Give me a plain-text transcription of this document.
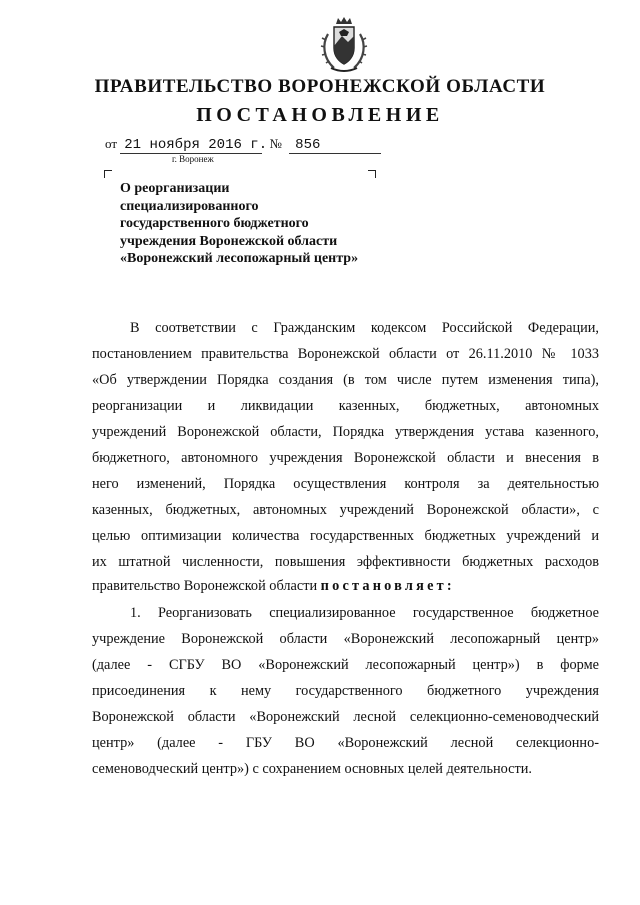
ПРАВИТЕЛЬСТВО ВОРОНЕЖСКОЙ ОБЛАСТИ
ПОСТАНОВЛЕНИЕ
от 21 ноября 2016 г. № 856
г. Воронеж
О реорганизации
специализированного
государственного бюджетного
учреждения Воронежской области
«Воронежский лесопожарный центр»
В соответствии с Гражданским кодексом Российской Федерации,
постановлением правительства Воронежской области от 26.11.2010 № 1033
«Об утверждении Порядка создания (в том числе путем изменения типа),
реорганизации и ликвидации казенных, бюджетных, автономных
учреждений Воронежской области, Порядка утверждения устава казенного,
бюджетного, автономного учреждения Воронежской области и внесения в
него изменений, Порядка осуществления контроля за деятельностью
казенных, бюджетных, автономных учреждений Воронежской области», с
целью оптимизации количества государственных бюджетных учреждений и
их штатной численности, повышения эффективности бюджетных расходов
правительство Воронежской области постановляет:
1. Реорганизовать специализированное государственное бюджетное
учреждение Воронежской области «Воронежский лесопожарный центр»
(далее - СГБУ ВО «Воронежский лесопожарный центр») в форме
присоединения к нему государственного бюджетного учреждения
Воронежской области «Воронежский лесной селекционно-семеноводческий
центр» (далее - ГБУ ВО «Воронежский лесной селекционно-
семеноводческий центр») с сохранением основных целей деятельности.
